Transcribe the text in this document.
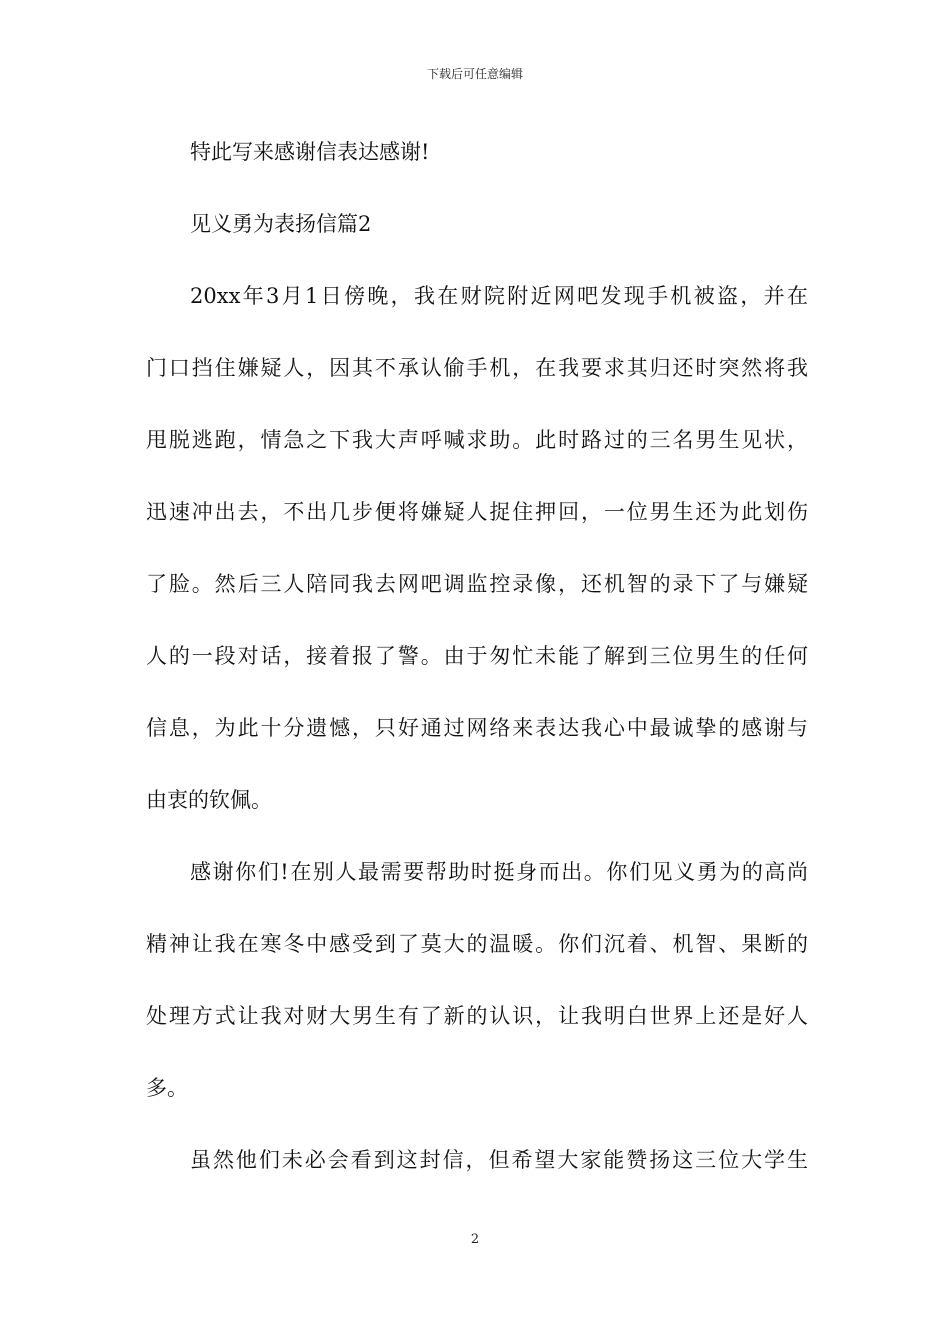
下载后可任意编辑
特此写来感谢信表达感谢!
见义勇为表扬信篇2
20xx年3月1日傍晚，我在财院附近网吧发现手机被盗，并在
门口挡住嫌疑人，因其不承认偷手机，在我要求其归还时突然将我
甩脱逃跑，情急之下我大声呼喊求助。此时路过的三名男生见状，
迅速冲出去，不出几步便将嫌疑人捉住押回，一位男生还为此划伤
了脸。然后三人陪同我去网吧调监控录像，还机智的录下了与嫌疑
人的一段对话，接着报了警。由于匆忙未能了解到三位男生的任何
信息，为此十分遗憾，只好通过网络来表达我心中最诚挚的感谢与
由衷的钦佩。
感谢你们!在别人最需要帮助时挺身而出。你们见义勇为的高尚
精神让我在寒冬中感受到了莫大的温暖。你们沉着、机智、果断的
处理方式让我对财大男生有了新的认识，让我明白世界上还是好人
多。
虽然他们未必会看到这封信，但希望大家能赞扬这三位大学生
2
